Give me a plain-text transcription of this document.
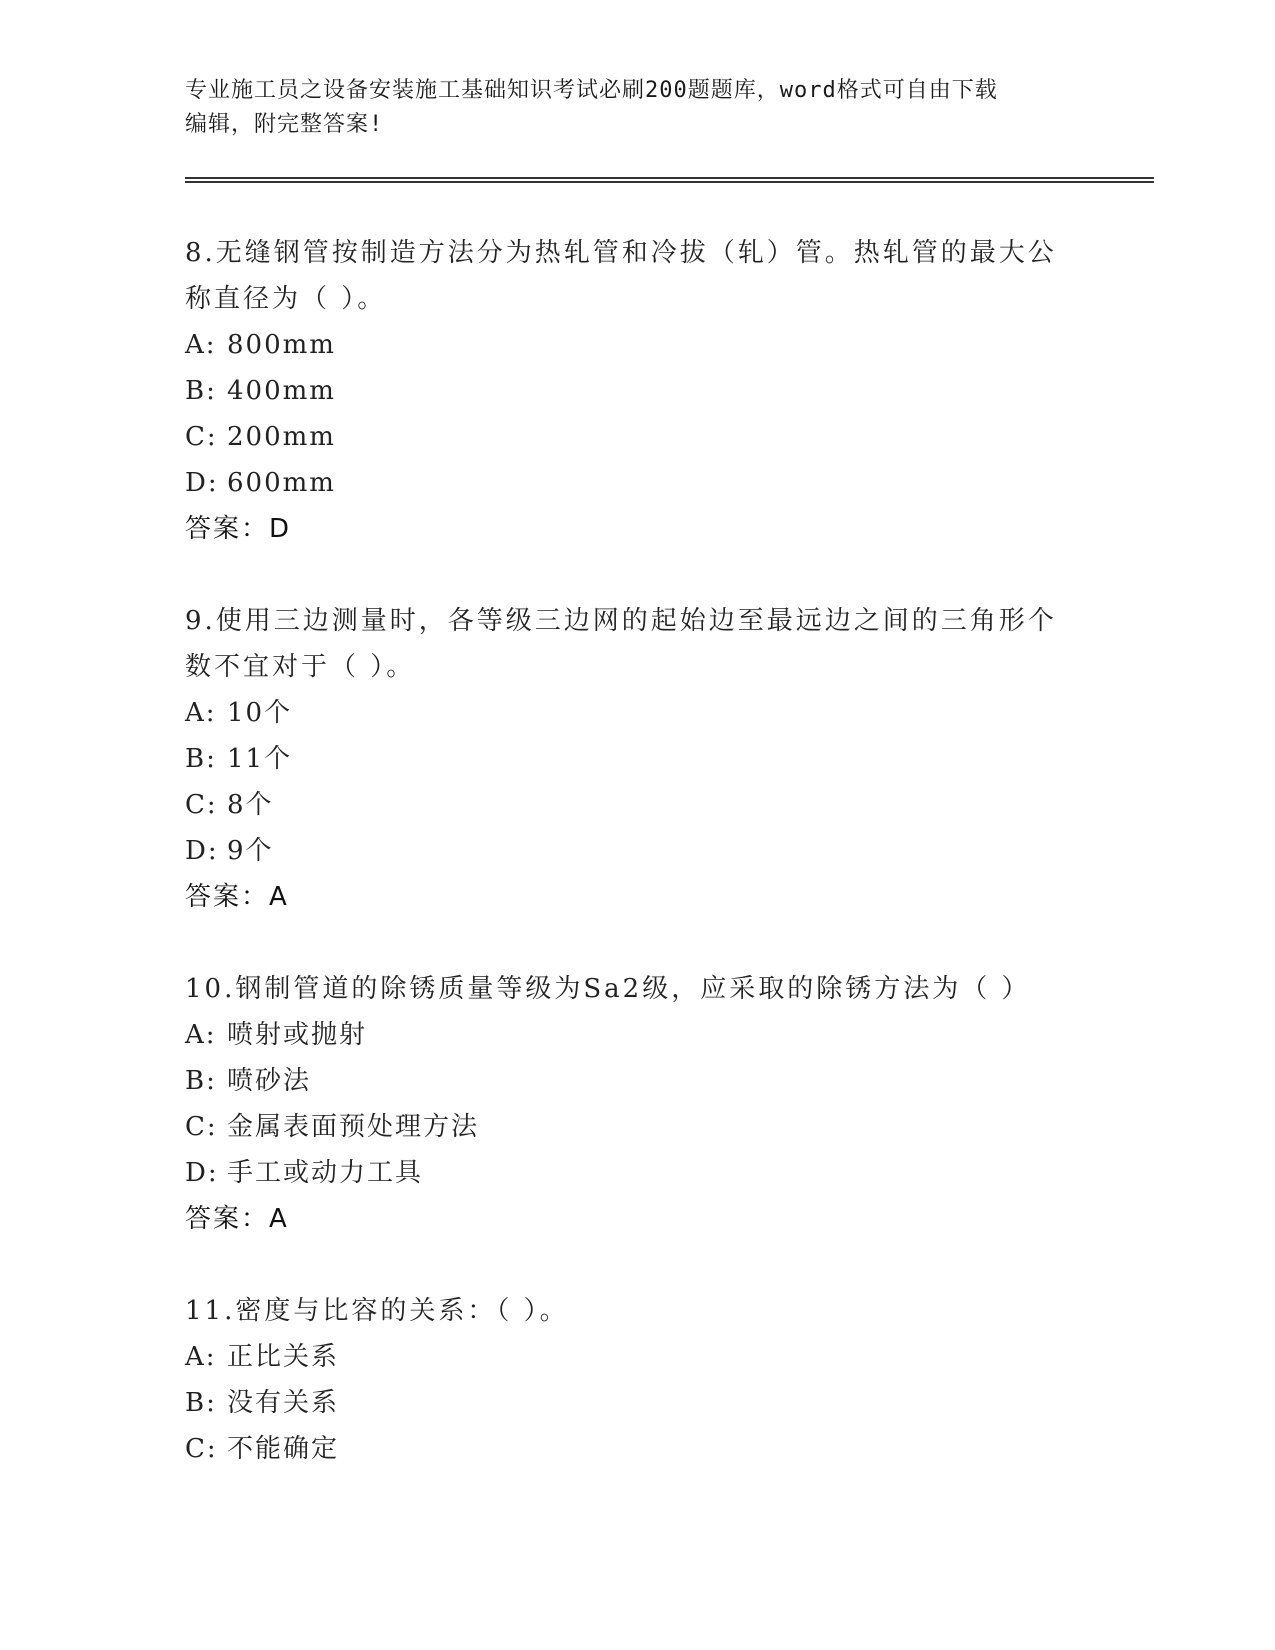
专业施工员之设备安装施工基础知识考试必刷200题题库，word格式可自由下载
编辑，附完整答案!

8.无缝钢管按制造方法分为热轧管和冷拔（轧）管。热轧管的最大公
称直径为（ ）。

A: 800mm
B: 400mm
C: 200mm
D: 600mm

答案：D

9.使用三边测量时，各等级三边网的起始边至最远边之间的三角形个
数不宜对于（ ）。

A: 10个
B: 11个
C: 8个
D: 9个

答案：A

10.钢制管道的除锈质量等级为Sa2级，应采取的除锈方法为（ ）

A: 喷射或抛射
B: 喷砂法
C: 金属表面预处理方法
D: 手工或动力工具

答案：A

11.密度与比容的关系：（ ）。

A: 正比关系
B: 没有关系
C: 不能确定
